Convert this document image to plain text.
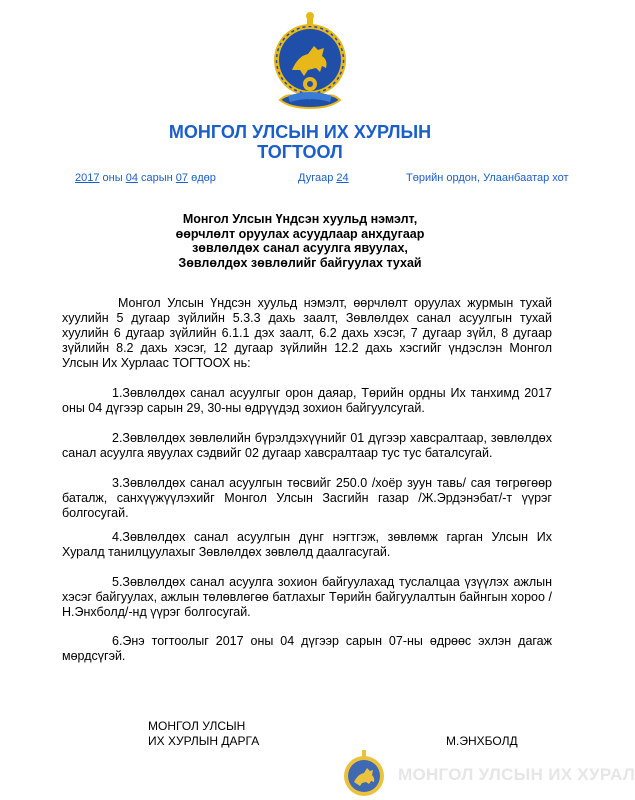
МОНГОЛ УЛСЫН ИХ ХУРЛЫН
ТОГТООЛ
2017 оны 04 сарын 07 өдөр	Дугаар 24	Төрийн ордон, Улаанбаатар хот
Монгол Улсын Үндсэн хуульд нэмэлт,
өөрчлөлт оруулах асуудлаар анхдугаар
зөвлөлдөх санал асуулга явуулах,
Зөвлөлдөх зөвлөлийг байгуулах тухай
Монгол Улсын Үндсэн хуульд нэмэлт, өөрчлөлт оруулах журмын тухай хуулийн 5 дугаар зүйлийн 5.3.3 дахь заалт, Зөвлөлдөх санал асуулгын тухай хуулийн 6 дугаар зүйлийн 6.1.1 дэх заалт, 6.2 дахь хэсэг, 7 дугаар зүйл, 8 дугаар зүйлийн 8.2 дахь хэсэг, 12 дугаар зүйлийн 12.2 дахь хэсгийг үндэслэн Монгол Улсын Их Хурлаас ТОГТООХ нь:
1.Зөвлөлдөх санал асуулгыг орон даяар, Төрийн ордны Их танхимд 2017 оны 04 дүгээр сарын 29, 30-ны өдрүүдэд зохион байгуулсугай.
2.Зөвлөлдөх зөвлөлийн бүрэлдэхүүнийг 01 дүгээр хавсралтаар, зөвлөлдөх санал асуулга явуулах сэдвийг 02 дугаар хавсралтаар тус тус баталсугай.
3.Зөвлөлдөх санал асуулгын төсвийг 250.0 /хоёр зуун тавь/ сая төгрөгөөр баталж, санхүүжүүлэхийг Монгол Улсын Засгийн газар /Ж.Эрдэнэбат/-т үүрэг болгосугай.
4.Зөвлөлдөх санал асуулгын дүнг нэгтгэж, зөвлөмж гарган Улсын Их Хуралд танилцуулахыг Зөвлөлдөх зөвлөлд даалгасугай.
5.Зөвлөлдөх санал асуулга зохион байгуулахад туслалцаа үзүүлэх ажлын хэсэг байгуулах, ажлын төлөвлөгөө батлахыг Төрийн байгуулалтын байнгын хороо /Н.Энхболд/-нд үүрэг болгосугай.
6.Энэ тогтоолыг 2017 оны 04 дүгээр сарын 07-ны өдрөөс эхлэн дагаж мөрдсүгэй.
МОНГОЛ УЛСЫН
ИХ ХУРЛЫН ДАРГА	М.ЭНХБОЛД
МОНГОЛ УЛСЫН ИХ ХУРАЛ
